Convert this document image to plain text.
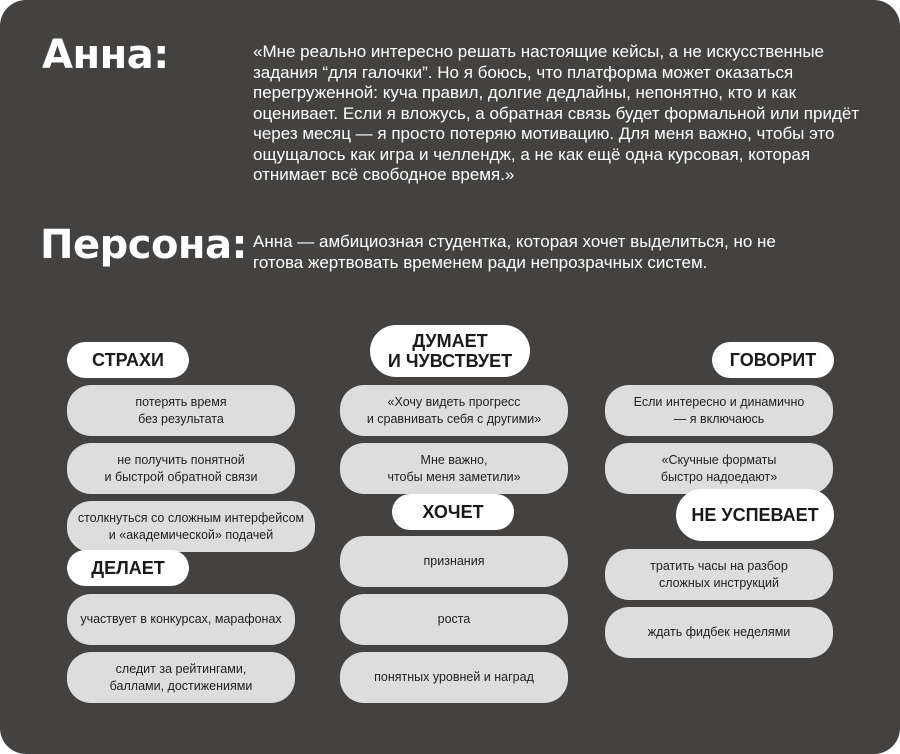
Анна:	«Мне реально интересно решать настоящие кейсы, а не искусственные задания “для галочки”. Но я боюсь, что платформа может оказаться перегруженной: куча правил, долгие дедлайны, непонятно, кто и как оценивает. Если я вложусь, а обратная связь будет формальной или придёт через месяц — я просто потеряю мотивацию. Для меня важно, чтобы это ощущалось как игра и челлендж, а не как ещё одна курсовая, которая отнимает всё свободное время.»
Персона: Анна — амбициозная студентка, которая хочет выделиться, но не готова жертвовать временем ради непрозрачных систем.
СТРАХИ
потерять время
без результата
не получить понятной
и быстрой обратной связи
столкнуться со сложным интерфейсом
и «академической» подачей
ДЕЛАЕТ
участвует в конкурсах, марафонах
следит за рейтингами,
баллами, достижениями
ДУМАЕТ
И ЧУВСТВУЕТ
«Хочу видеть прогресс
и сравнивать себя с другими»
Мне важно,
чтобы меня заметили»
ХОЧЕТ
признания
роста
понятных уровней и наград
ГОВОРИТ
Если интересно и динамично
— я включаюсь
«Скучные форматы
быстро надоедают»
НЕ УСПЕВАЕТ
тратить часы на разбор
сложных инструкций
ждать фидбек неделями
